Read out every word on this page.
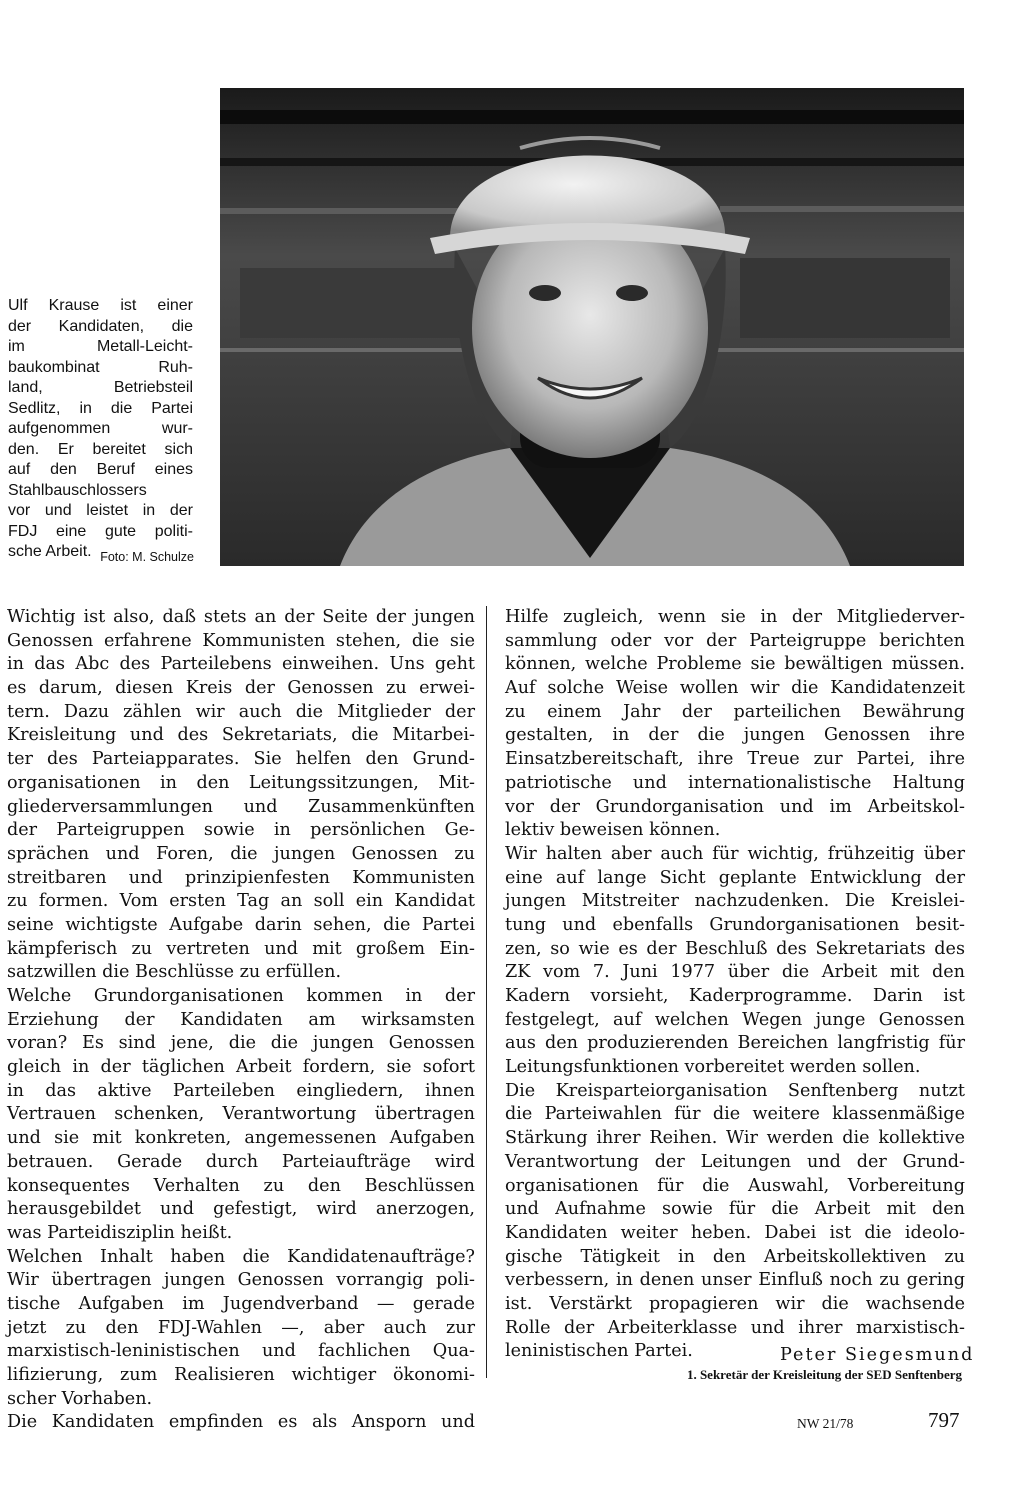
Ulf Krause ist einer
der Kandidaten, die
im Metall-Leicht-
baukombinat Ruh-
land, Betriebsteil
Sedlitz, in die Partei
aufgenommen wur-
den. Er bereitet sich
auf den Beruf eines
Stahlbauschlossers
vor und leistet in der
FDJ eine gute politi-
sche Arbeit. Foto: M. Schulze
Wichtig ist also, daß stets an der Seite der jungen
Genossen erfahrene Kommunisten stehen, die sie
in das Abc des Parteilebens einweihen. Uns geht
es darum, diesen Kreis der Genossen zu erwei-
tern. Dazu zählen wir auch die Mitglieder der
Kreisleitung und des Sekretariats, die Mitarbei-
ter des Parteiapparates. Sie helfen den Grund-
organisationen in den Leitungssitzungen, Mit-
gliederversammlungen und Zusammenkünften
der Parteigruppen sowie in persönlichen Ge-
sprächen und Foren, die jungen Genossen zu
streitbaren und prinzipienfesten Kommunisten
zu formen. Vom ersten Tag an soll ein Kandidat
seine wichtigste Aufgabe darin sehen, die Partei
kämpferisch zu vertreten und mit großem Ein-
satzwillen die Beschlüsse zu erfüllen.
Welche Grundorganisationen kommen in der
Erziehung der Kandidaten am wirksamsten
voran? Es sind jene, die die jungen Genossen
gleich in der täglichen Arbeit fordern, sie sofort
in das aktive Parteileben eingliedern, ihnen
Vertrauen schenken, Verantwortung übertragen
und sie mit konkreten, angemessenen Aufgaben
betrauen. Gerade durch Parteiaufträge wird
konsequentes Verhalten zu den Beschlüssen
herausgebildet und gefestigt, wird anerzogen,
was Parteidisziplin heißt.
Welchen Inhalt haben die Kandidatenaufträge?
Wir übertragen jungen Genossen vorrangig poli-
tische Aufgaben im Jugendverband — gerade
jetzt zu den FDJ-Wahlen —, aber auch zur
marxistisch-leninistischen und fachlichen Qua-
lifizierung, zum Realisieren wichtiger ökonomi-
scher Vorhaben.
Die Kandidaten empfinden es als Ansporn und
Hilfe zugleich, wenn sie in der Mitgliederver-
sammlung oder vor der Parteigruppe berichten
können, welche Probleme sie bewältigen müssen.
Auf solche Weise wollen wir die Kandidatenzeit
zu einem Jahr der parteilichen Bewährung
gestalten, in der die jungen Genossen ihre
Einsatzbereitschaft, ihre Treue zur Partei, ihre
patriotische und internationalistische Haltung
vor der Grundorganisation und im Arbeitskol-
lektiv beweisen können.
Wir halten aber auch für wichtig, frühzeitig über
eine auf lange Sicht geplante Entwicklung der
jungen Mitstreiter nachzudenken. Die Kreislei-
tung und ebenfalls Grundorganisationen besit-
zen, so wie es der Beschluß des Sekretariats des
ZK vom 7. Juni 1977 über die Arbeit mit den
Kadern vorsieht, Kaderprogramme. Darin ist
festgelegt, auf welchen Wegen junge Genossen
aus den produzierenden Bereichen langfristig für
Leitungsfunktionen vorbereitet werden sollen.
Die Kreisparteiorganisation Senftenberg nutzt
die Parteiwahlen für die weitere klassenmäßige
Stärkung ihrer Reihen. Wir werden die kollektive
Verantwortung der Leitungen und der Grund-
organisationen für die Auswahl, Vorbereitung
und Aufnahme sowie für die Arbeit mit den
Kandidaten weiter heben. Dabei ist die ideolo-
gische Tätigkeit in den Arbeitskollektiven zu
verbessern, in denen unser Einfluß noch zu gering
ist. Verstärkt propagieren wir die wachsende
Rolle der Arbeiterklasse und ihrer marxistisch-
leninistischen Partei.	Peter Siegesmund
1. Sekretär der Kreisleitung der SED Senftenberg
NW 21/78	797
